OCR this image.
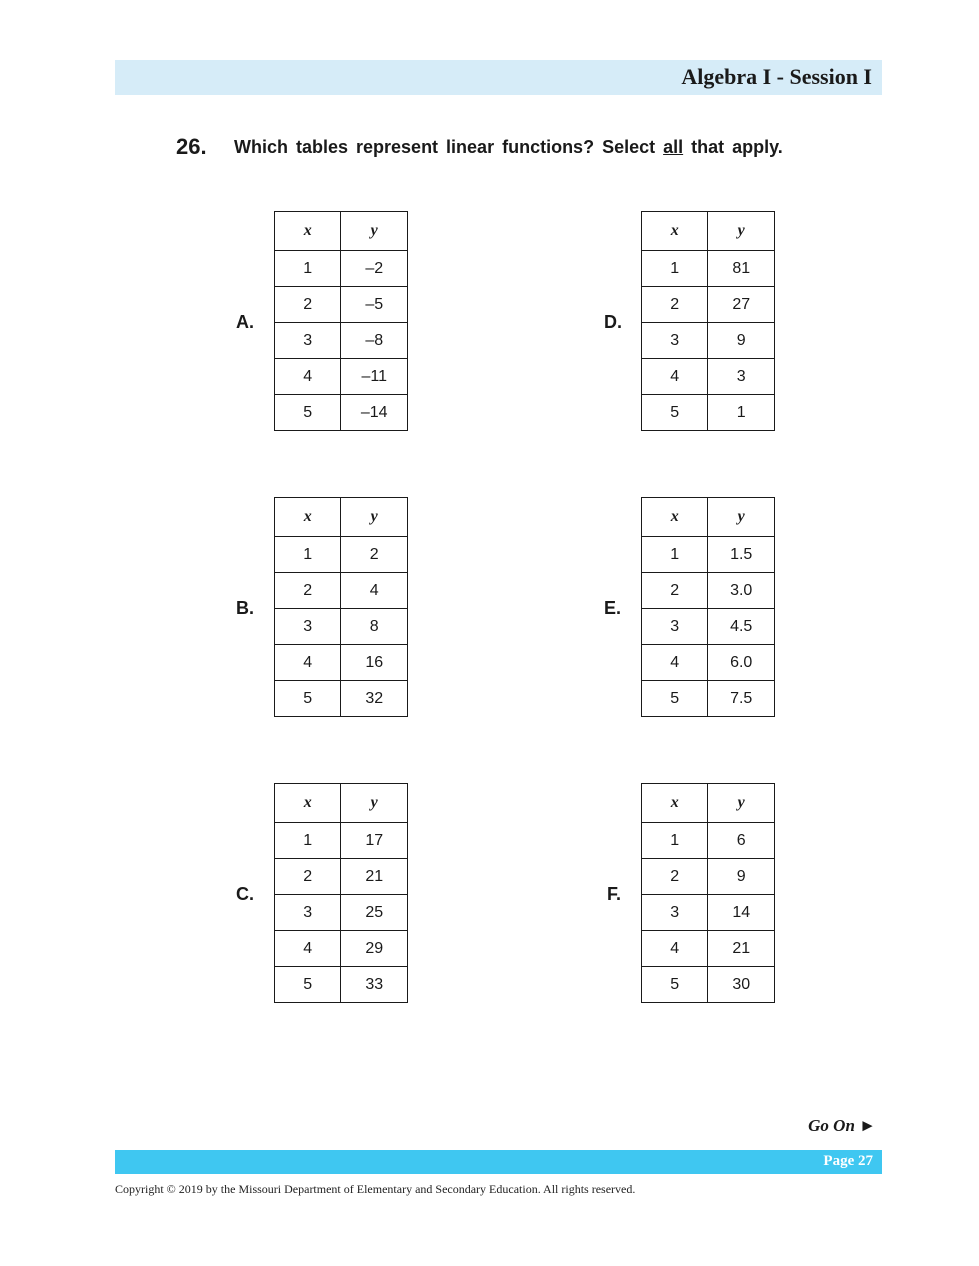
Algebra I - Session I
26. Which tables represent linear functions? Select all that apply.
A.
x	y
1	–2
2	–5
3	–8
4	–11
5	–14
B.
x	y
1	2
2	4
3	8
4	16
5	32
C.
x	y
1	17
2	21
3	25
4	29
5	33
D.
x	y
1	81
2	27
3	9
4	3
5	1
E.
x	y
1	1.5
2	3.0
3	4.5
4	6.0
5	7.5
F.
x	y
1	6
2	9
3	14
4	21
5	30
Go On ►
Page 27
Copyright © 2019 by the Missouri Department of Elementary and Secondary Education. All rights reserved.
